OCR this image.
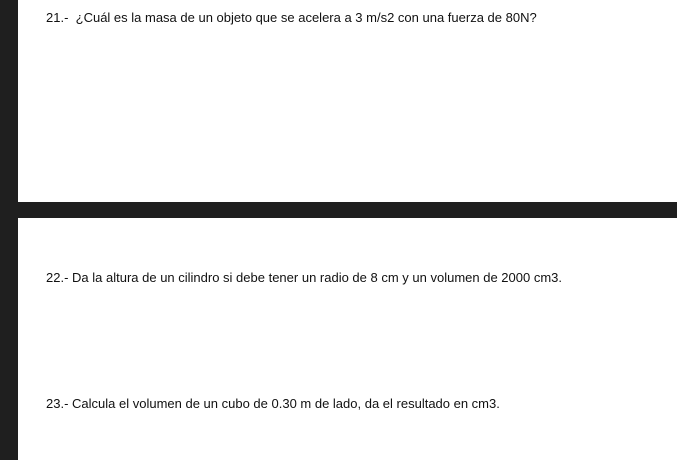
21.- ¿Cuál es la masa de un objeto que se acelera a 3 m/s2 con una fuerza de 80N?
22.- Da la altura de un cilindro si debe tener un radio de 8 cm y un volumen de 2000 cm3.
23.- Calcula el volumen de un cubo de 0.30 m de lado, da el resultado en cm3.
